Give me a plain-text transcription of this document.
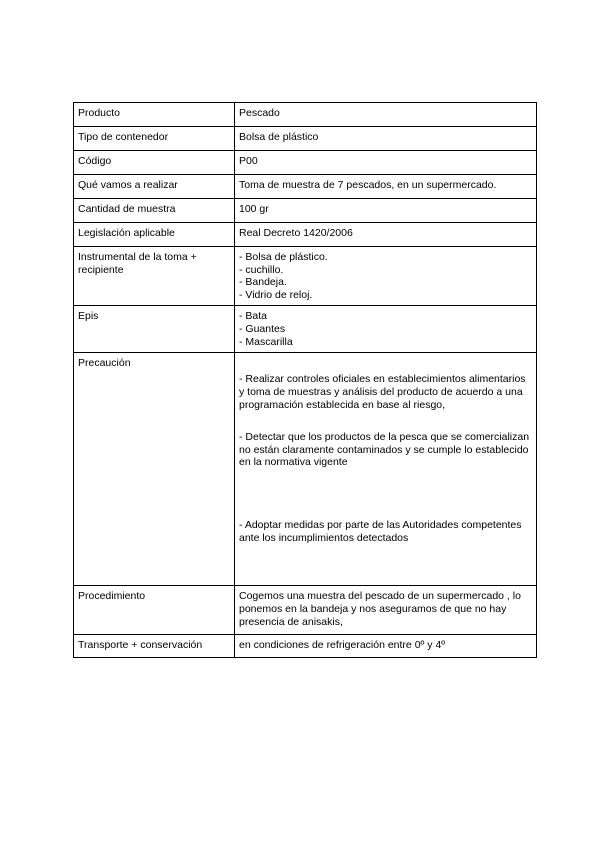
Producto	Pescado
Tipo de contenedor	Bolsa de plástico
Código	P00
Qué vamos a realizar	Toma de muestra de 7 pescados, en un supermercado.
Cantidad de muestra	100 gr
Legislación aplicable	Real Decreto 1420/2006
Instrumental de la toma + recipiente	- Bolsa de plástico.
- cuchillo.
- Bandeja.
- Vidrio de reloj.

Epis	- Bata
- Guantes
- Mascarilla

Precaución	- Realizar controles oficiales en establecimientos alimentarios y toma de muestras y análisis del producto de acuerdo a una programación establecida en base al riesgo,
- Detectar que los productos de la pesca que se comercializan no están claramente contaminados y se cumple lo establecido en la normativa vigente
- Adoptar medidas por parte de las Autoridades competentes ante los incumplimientos detectados

Procedimiento	Cogemos una muestra del pescado de un supermercado , lo ponemos en la bandeja y nos aseguramos de que no hay presencia de anisakis,
Transporte + conservación	en condiciones de refrigeración entre 0º y 4º
